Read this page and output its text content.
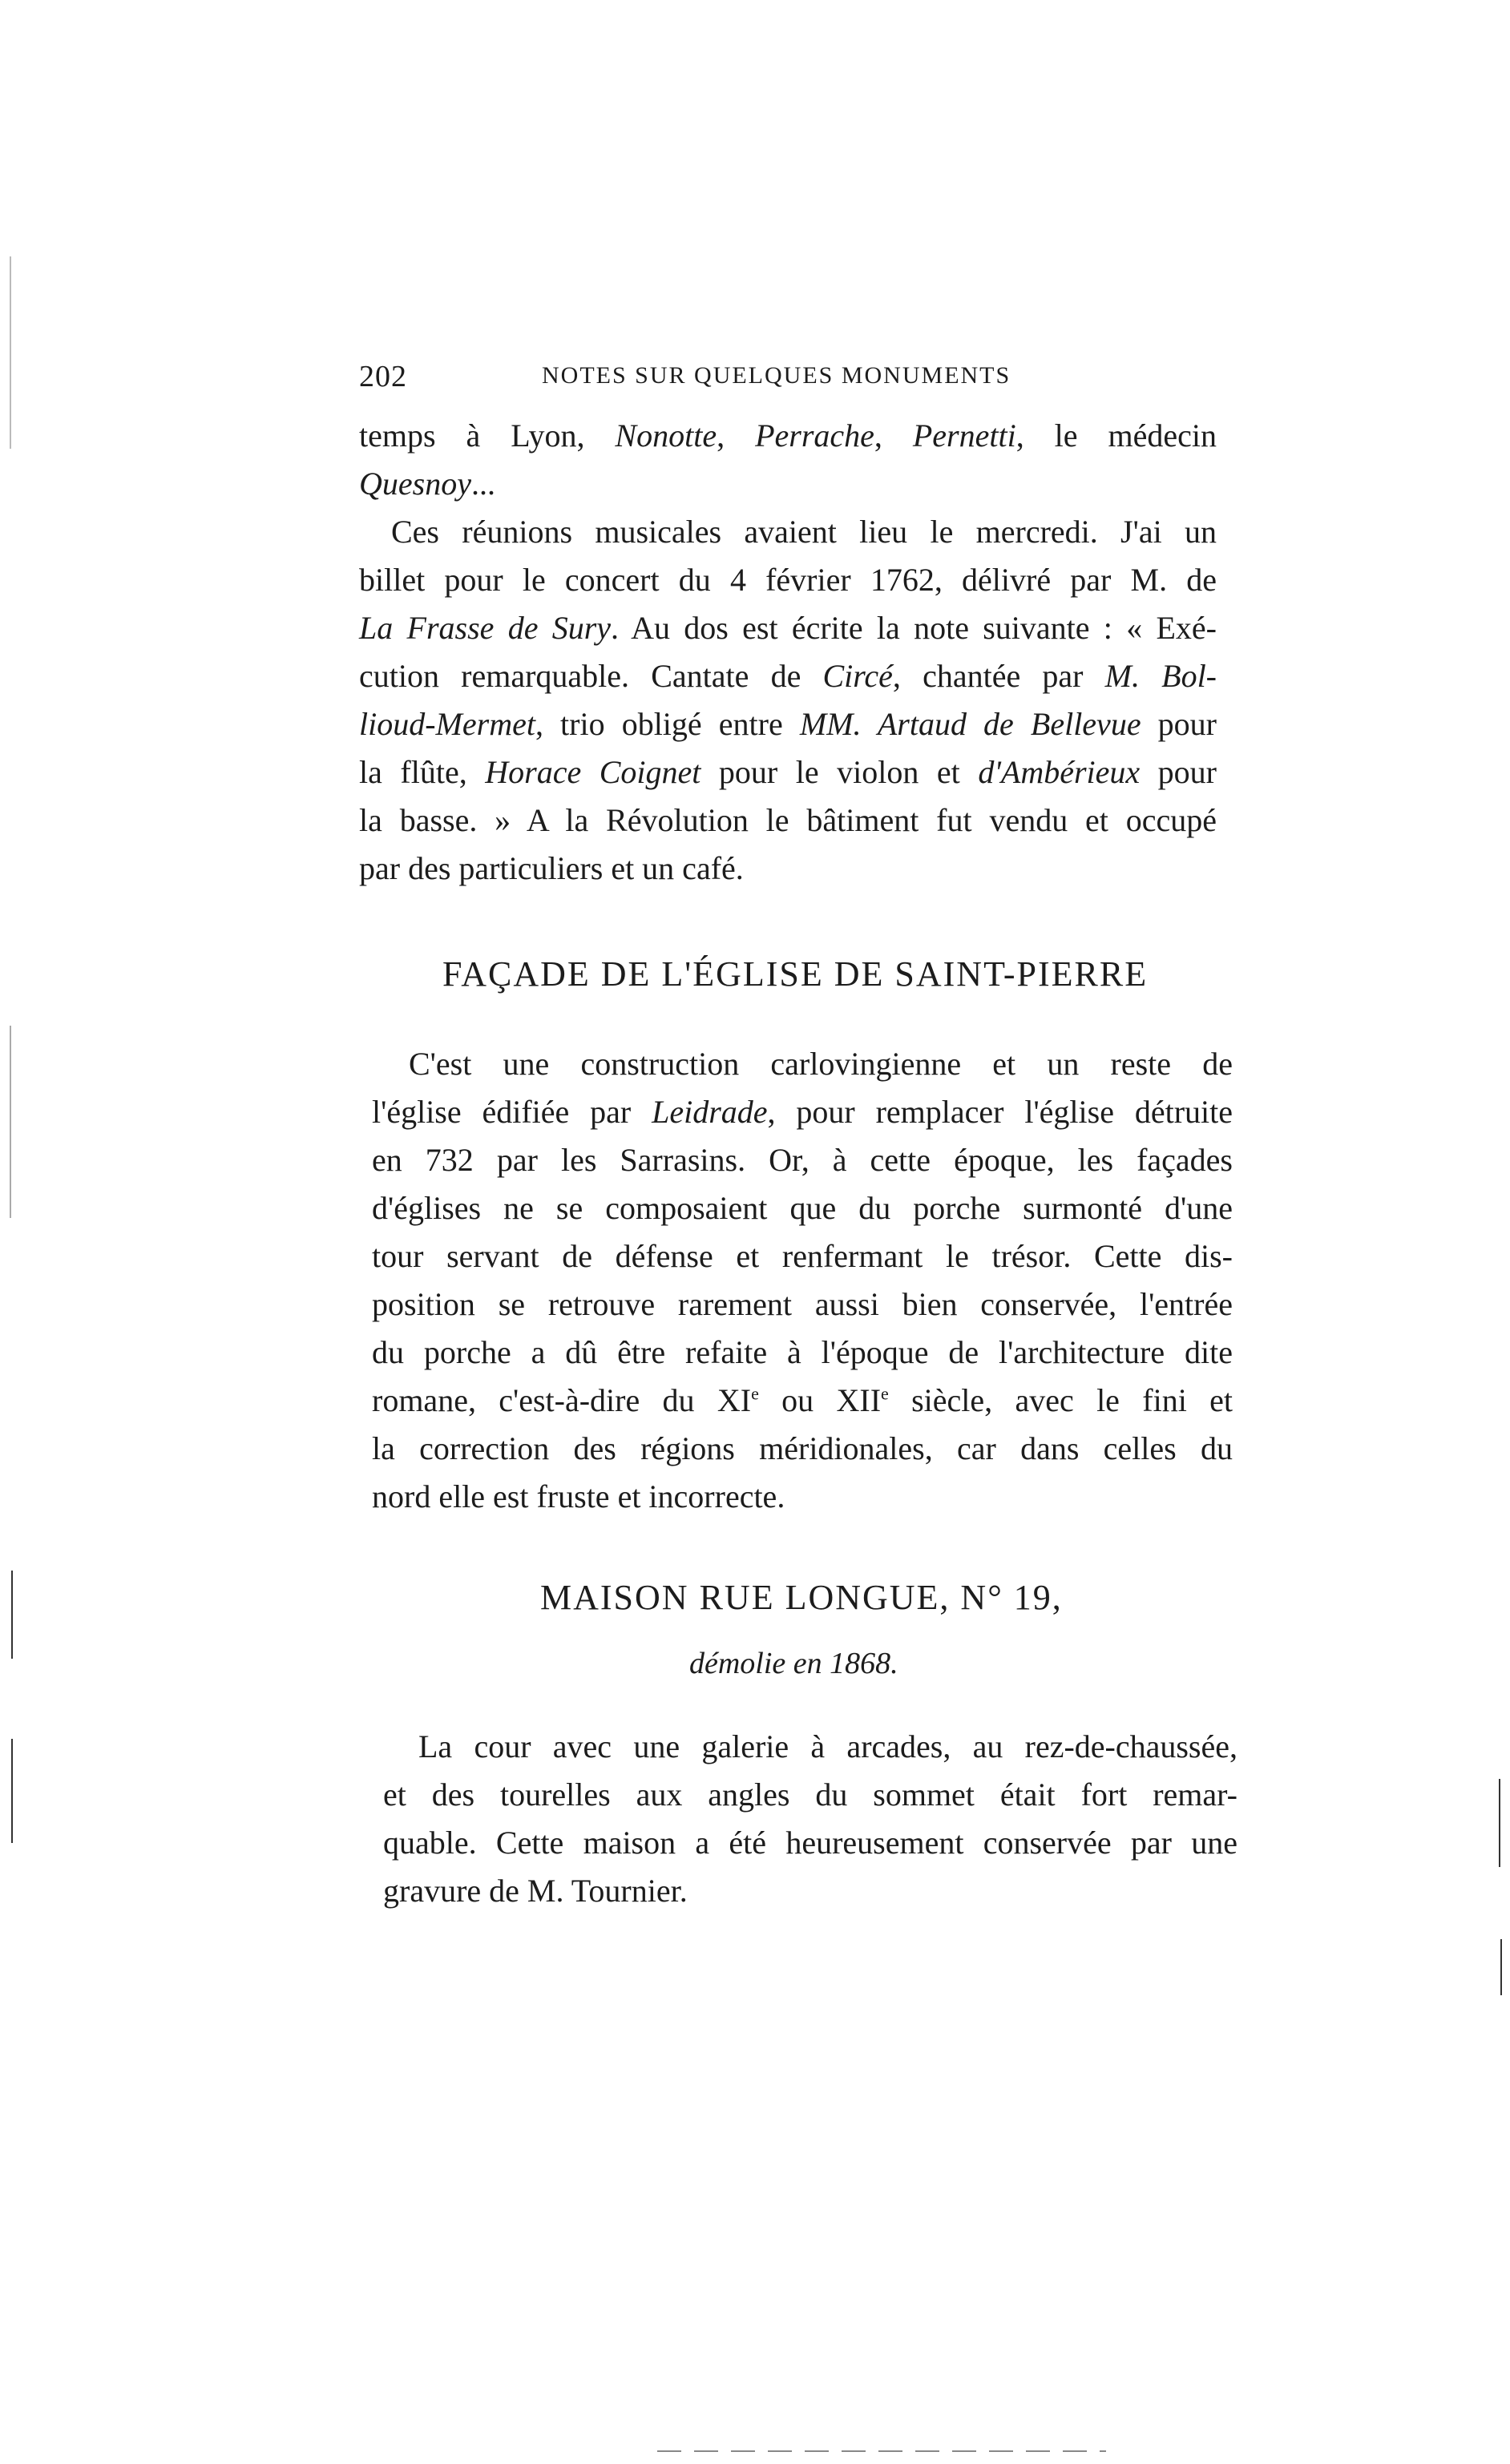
202	NOTES SUR QUELQUES MONUMENTS
temps à Lyon, Nonotte, Perrache, Pernetti, le médecin
Quesnoy...
Ces réunions musicales avaient lieu le mercredi. J'ai un
billet pour le concert du 4 février 1762, délivré par M. de
La Frasse de Sury. Au dos est écrite la note suivante : « Exé-
cution remarquable. Cantate de Circé, chantée par M. Bol-
lioud-Mermet, trio obligé entre MM. Artaud de Bellevue pour
la flûte, Horace Coignet pour le violon et d'Ambérieux pour
la basse. » A la Révolution le bâtiment fut vendu et occupé
par des particuliers et un café.
FAÇADE DE L'ÉGLISE DE SAINT-PIERRE
C'est une construction carlovingienne et un reste de
l'église édifiée par Leidrade, pour remplacer l'église détruite
en 732 par les Sarrasins. Or, à cette époque, les façades
d'églises ne se composaient que du porche surmonté d'une
tour servant de défense et renfermant le trésor. Cette dis-
position se retrouve rarement aussi bien conservée, l'entrée
du porche a dû être refaite à l'époque de l'architecture dite
romane, c'est-à-dire du XIe ou XIIe siècle, avec le fini et
la correction des régions méridionales, car dans celles du
nord elle est fruste et incorrecte.
MAISON RUE LONGUE, N° 19,
démolie en 1868.
La cour avec une galerie à arcades, au rez-de-chaussée,
et des tourelles aux angles du sommet était fort remar-
quable. Cette maison a été heureusement conservée par une
gravure de M. Tournier.
